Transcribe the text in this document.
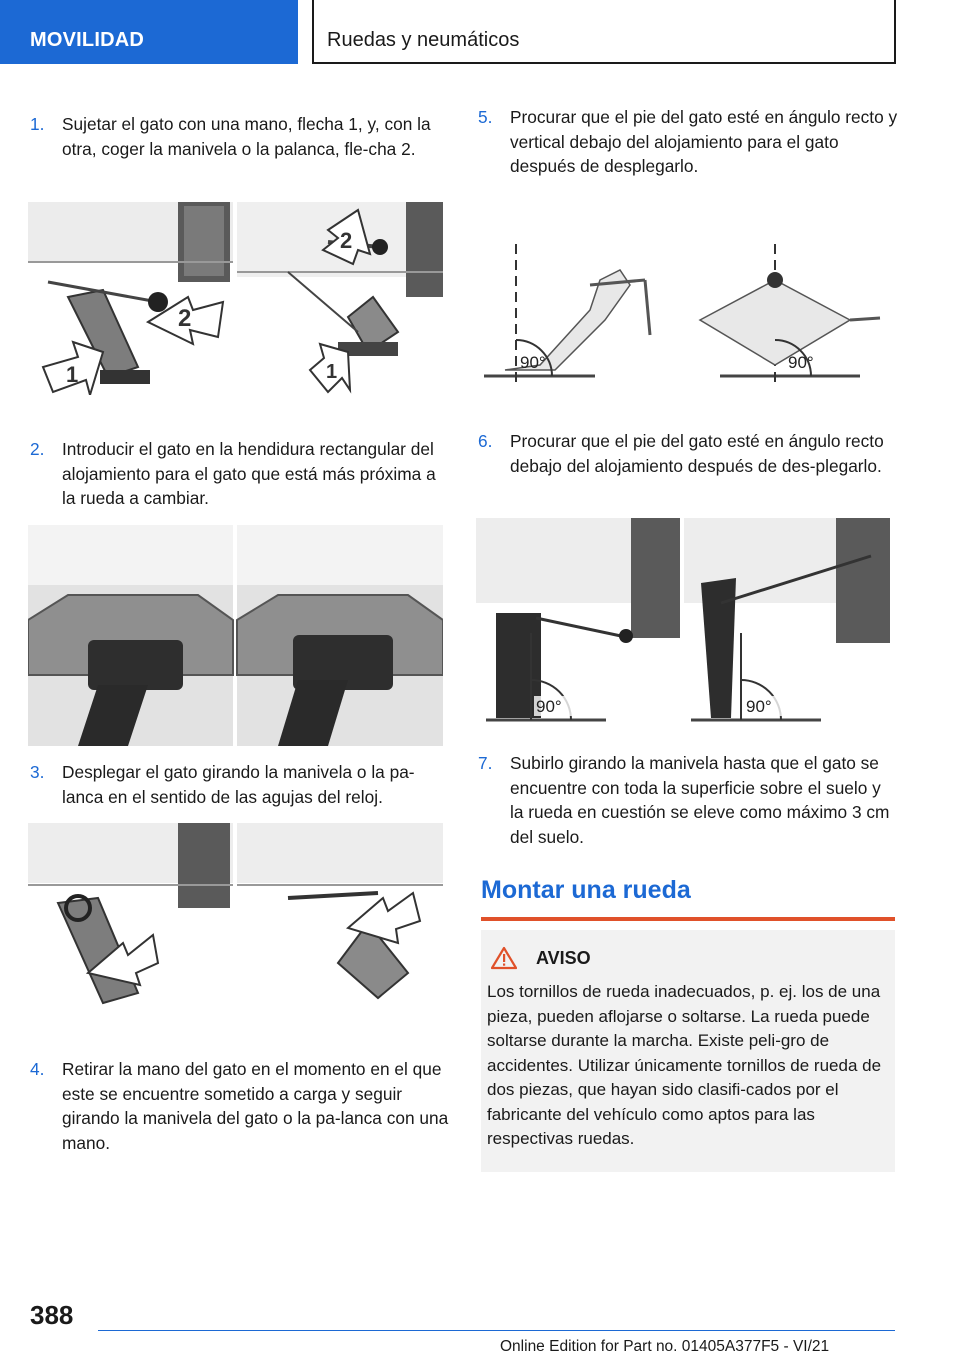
MOVILIDAD	Ruedas y neumáticos
1.	Sujetar el gato con una mano, flecha 1, y, con la otra, coger la manivela o la palanca, fle-cha 2.
2
1
2
1
2.	Introducir el gato en la hendidura rectangular del alojamiento para el gato que está más próxima a la rueda a cambiar.
3.	Desplegar el gato girando la manivela o la pa-lanca en el sentido de las agujas del reloj.
4.	Retirar la mano del gato en el momento en el que este se encuentre sometido a carga y seguir girando la manivela del gato o la pa-lanca con una mano.
5.	Procurar que el pie del gato esté en ángulo recto y vertical debajo del alojamiento para el gato después de desplegarlo.
90°	90°
6.	Procurar que el pie del gato esté en ángulo recto debajo del alojamiento después de des-plegarlo.
90°	90°
7.	Subirlo girando la manivela hasta que el gato se encuentre con toda la superficie sobre el suelo y la rueda en cuestión se eleve como máximo 3 cm del suelo.
Montar una rueda
AVISO
Los tornillos de rueda inadecuados, p. ej. los de una pieza, pueden aflojarse o soltarse. La rueda puede soltarse durante la marcha. Existe peli-gro de accidentes. Utilizar únicamente tornillos de rueda de dos piezas, que hayan sido clasifi-cados por el fabricante del vehículo como aptos para las respectivas ruedas.
388
Online Edition for Part no. 01405A377F5 - VI/21
